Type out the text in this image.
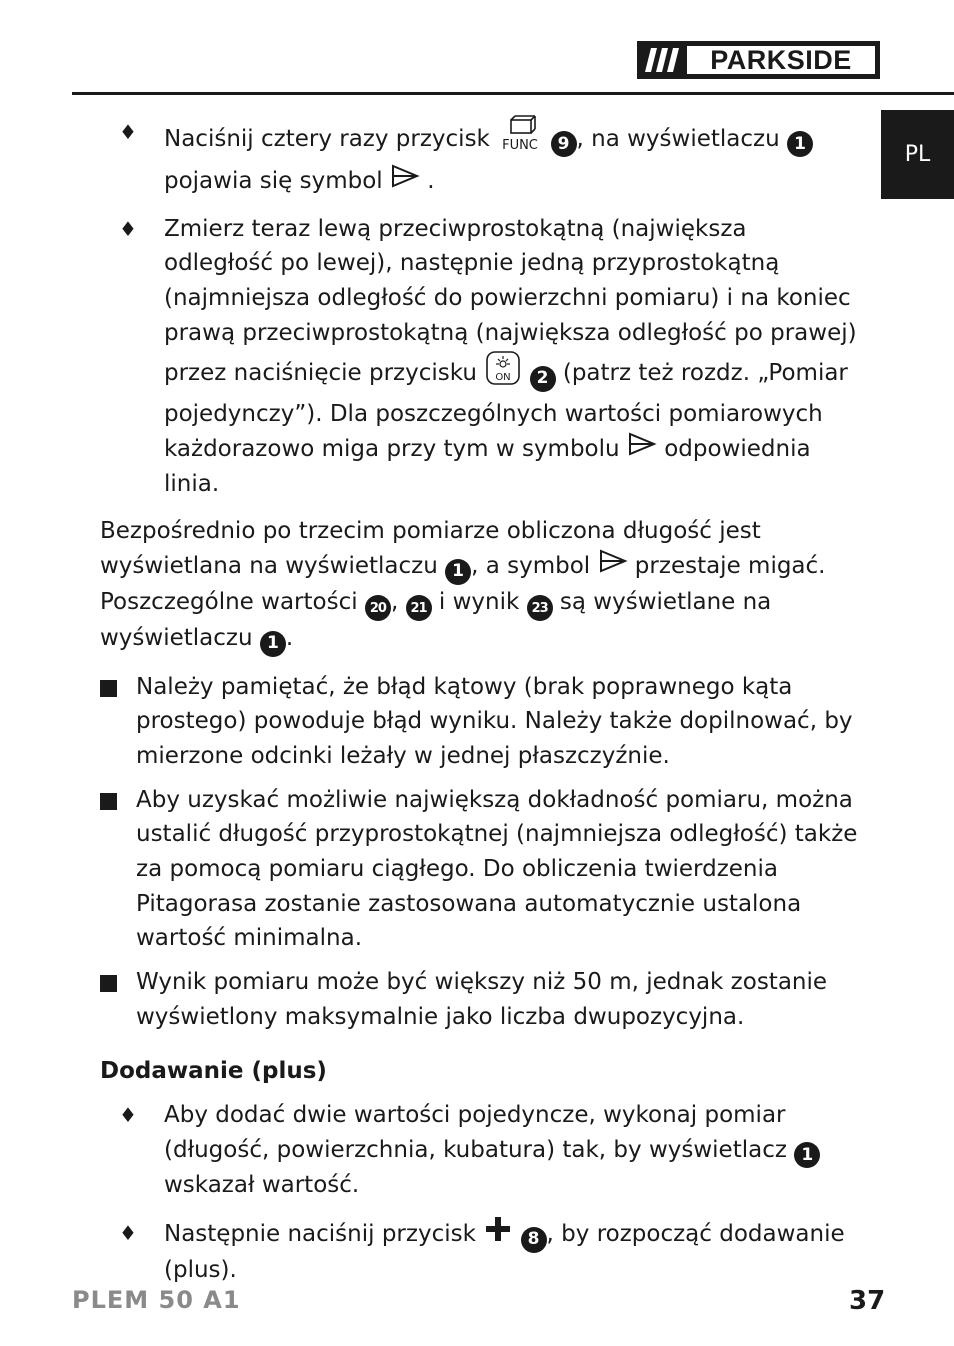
PARKSIDE
PL
♦ Naciśnij cztery razy przycisk FUNC 9 , na wyświetlaczu 1 pojawia się symbol  .

♦ Zmierz teraz lewą przeciwprostokątną (największa odległość po lewej), następnie jedną przyprostokątną (najmniejsza odległość do powierzchni pomiaru) i na koniec prawą przeciwprostokątną (największa odległość po prawej) przez naciśnięcie przycisku ON 2 (patrz też rozdz. „Pomiar pojedynczy”). Dla poszczególnych wartości pomiarowych każdorazowo miga przy tym w symbolu  odpowiednia linia.

Bezpośrednio po trzecim pomiarze obliczona długość jest wyświetlana na wyświetlaczu 1 , a symbol  przestaje migać. Poszczególne wartości 20 , 21 i wynik 23 są wyświetlane na wyświetlaczu 1 .

Należy pamiętać, że błąd kątowy (brak poprawnego kąta prostego) powoduje błąd wyniku. Należy także dopilnować, by mierzone odcinki leżały w jednej płaszczyźnie.

Aby uzyskać możliwie największą dokładność pomiaru, można ustalić długość przyprostokątnej (najmniejsza odległość) także za pomocą pomiaru ciągłego. Do obliczenia twierdzenia Pitagorasa zostanie zastosowana automatycznie ustalona wartość minimalna.

Wynik pomiaru może być większy niż 50 m, jednak zostanie wyświetlony maksymalnie jako liczba dwupozycyjna.

Dodawanie (plus)

♦ Aby dodać dwie wartości pojedyncze, wykonaj pomiar (długość, powierzchnia, kubatura) tak, by wyświetlacz 1 wskazał wartość.

♦ Następnie naciśnij przycisk	8 , by rozpocząć dodawanie (plus).

PLEM 50 A1	37
